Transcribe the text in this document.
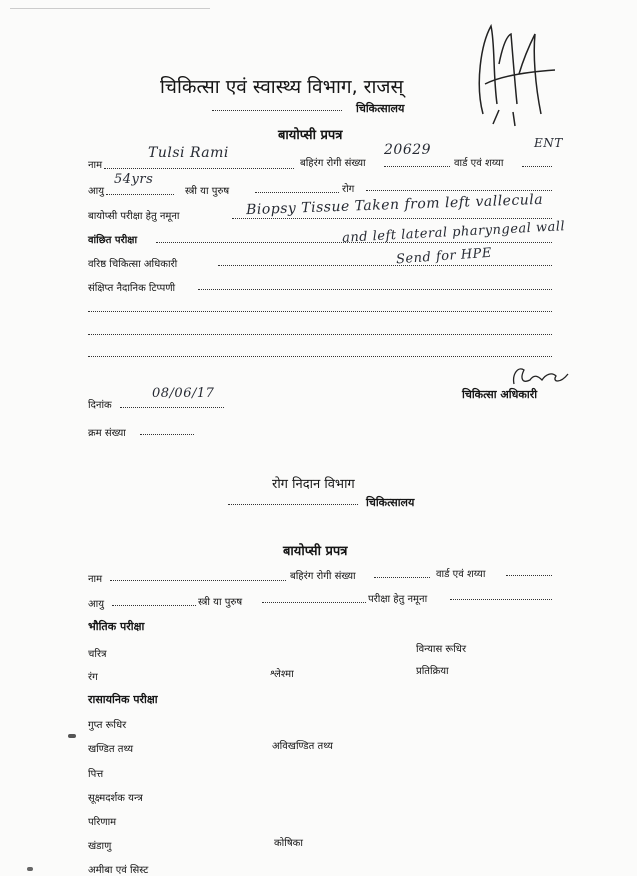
चिकित्सा एवं स्वास्थ्य विभाग, राजस्
चिकित्सालय
बायोप्सी प्रपत्र
नाम
Tulsi Rami
बहिरंग रोगी संख्या
20629
वार्ड एवं शय्या
ENT
आयु
54yrs
स्त्री या पुरुष	रोग
बायोप्सी परीक्षा हेतु नमूना	Biopsy Tissue Taken from left vallecula
वांछित परीक्षा	and left lateral pharyngeal wall
वरिष्ठ चिकित्सा अधिकारी	Send for HPE
संक्षिप्त नैदानिक टिप्पणी
दिनांक
08/06/17	चिकित्सा अधिकारी
क्रम संख्या
रोग निदान विभाग
चिकित्सालय
बायोप्सी प्रपत्र
नाम	बहिरंग रोगी संख्या	वार्ड एवं शय्या
आयु	स्त्री या पुरुष	परीक्षा हेतु नमूना
भौतिक परीक्षा
चरित्र	विन्यास रूधिर
रंग	श्लेश्मा	प्रतिक्रिया
रासायनिक परीक्षा
गुप्त रूधिर
खण्डित तथ्य	अविखण्डित तथ्य
पित्त
सूक्ष्मदर्शक यन्त्र
परिणाम
खंडाणु	कोषिका
अमीबा एवं सिस्ट
